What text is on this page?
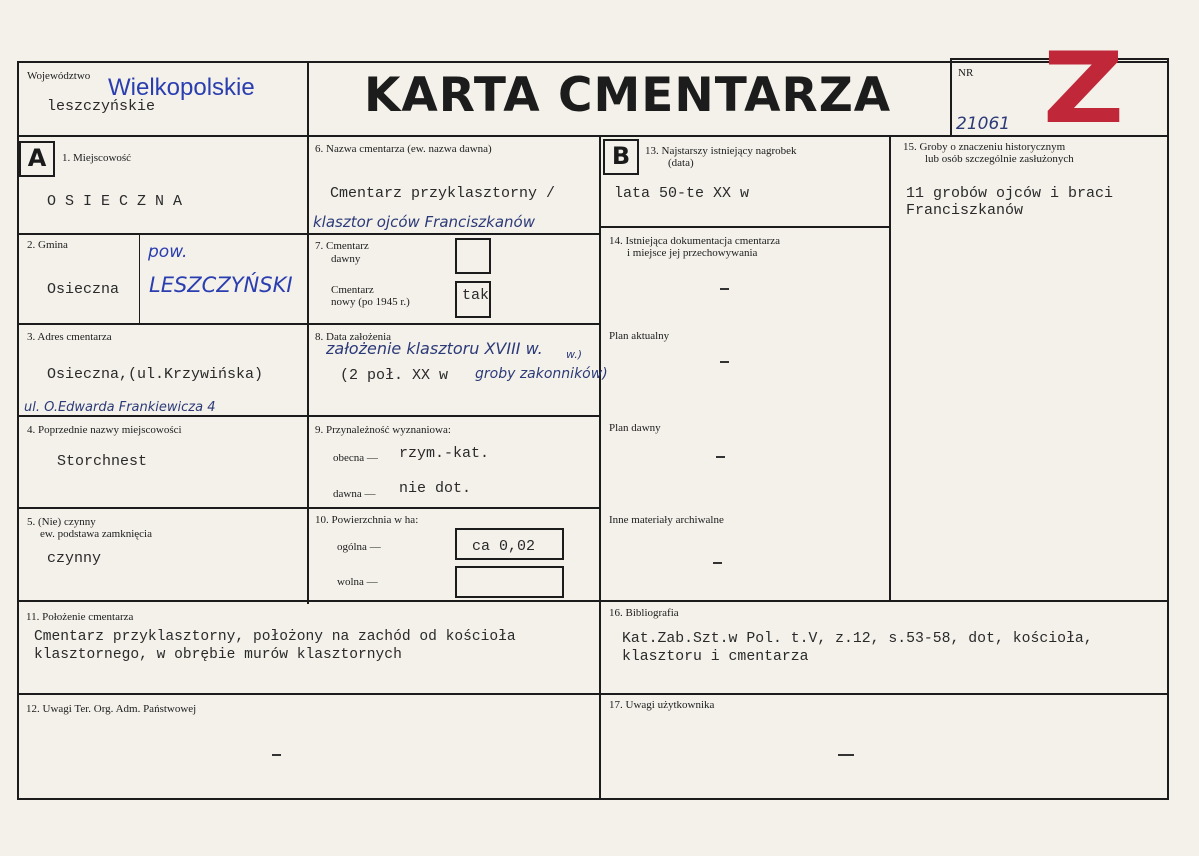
Województwo Wielkopolskie
leszczyńskie	KARTA CMENTARZA	NR
21061 Z
A	B
1. Miejscowość
O S I E C Z N A
2. Gmina
Osieczna
pow.
LESZCZYŃSKI
3. Adres cmentarza
Osieczna,(ul.Krzywińska)
ul. O.Edwarda Frankiewicza 4
4. Poprzednie nazwy miejscowości
Storchnest
5. (Nie) czynny
ew. podstawa zamknięcia
czynny
6. Nazwa cmentarza (ew. nazwa dawna)
Cmentarz przyklasztorny /
klasztor ojców Franciszkanów
7. Cmentarz
dawny
Cmentarz
nowy (po 1945 r.)	tak
8. Data założenia
założenie klasztoru XVIII w.
(2 poł. XX w groby zakonników)
w.)
9. Przynależność wyznaniowa:
obecna — rzym.-kat.
dawna — nie dot.
10. Powierzchnia w ha:
ogólna —	ca 0,02
wolna —
11. Położenie cmentarza
Cmentarz przyklasztorny, położony na zachód od kościoła
klasztornego, w obrębie murów klasztornych
12. Uwagi Ter. Org. Adm. Państwowej
13. Najstarszy istniejący nagrobek
(data)
lata 50-te XX w
14. Istniejąca dokumentacja cmentarza
i miejsce jej przechowywania
Plan aktualny
Plan dawny
Inne materiały archiwalne
15. Groby o znaczeniu historycznym
lub osób szczególnie zasłużonych
11 grobów ojców i braci
Franciszkanów
16. Bibliografia
Kat.Zab.Szt.w Pol. t.V, z.12, s.53-58, dot, kościoła,
klasztoru i cmentarza
17. Uwagi użytkownika
